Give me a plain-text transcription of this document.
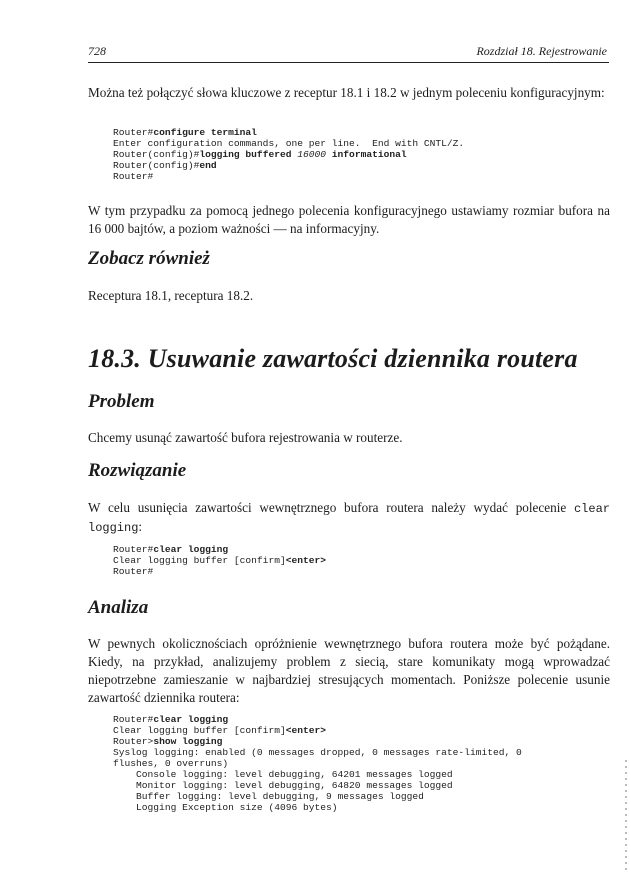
728	Rozdział 18. Rejestrowanie

Można też połączyć słowa kluczowe z receptur 18.1 i 18.2 w jednym poleceniu konfiguracyjnym:

Router#configure terminal
Enter configuration commands, one per line.  End with CNTL/Z.
Router(config)#logging buffered 16000 informational
Router(config)#end
Router#

W tym przypadku za pomocą jednego polecenia konfiguracyjnego ustawiamy rozmiar bufora na 16 000 bajtów, a poziom ważności — na informacyjny.

Zobacz również

Receptura 18.1, receptura 18.2.

18.3. Usuwanie zawartości dziennika routera
Problem

Chcemy usunąć zawartość bufora rejestrowania w routerze.

Rozwiązanie

W celu usunięcia zawartości wewnętrznego bufora routera należy wydać polecenie clear logging:

Router#clear logging
Clear logging buffer [confirm]<enter>
Router#
Analiza

W pewnych okolicznościach opróżnienie wewnętrznego bufora routera może być pożądane. Kiedy, na przykład, analizujemy problem z siecią, stare komunikaty mogą wprowadzać niepotrzebne zamieszanie w najbardziej stresujących momentach. Poniższe polecenie usunie zawartość dziennika routera:

Router#clear logging
Clear logging buffer [confirm]<enter>
Router>show logging
Syslog logging: enabled (0 messages dropped, 0 messages rate-limited, 0
flushes, 0 overruns)
Console logging: level debugging, 64201 messages logged
Monitor logging: level debugging, 64820 messages logged
Buffer logging: level debugging, 9 messages logged
Logging Exception size (4096 bytes)
